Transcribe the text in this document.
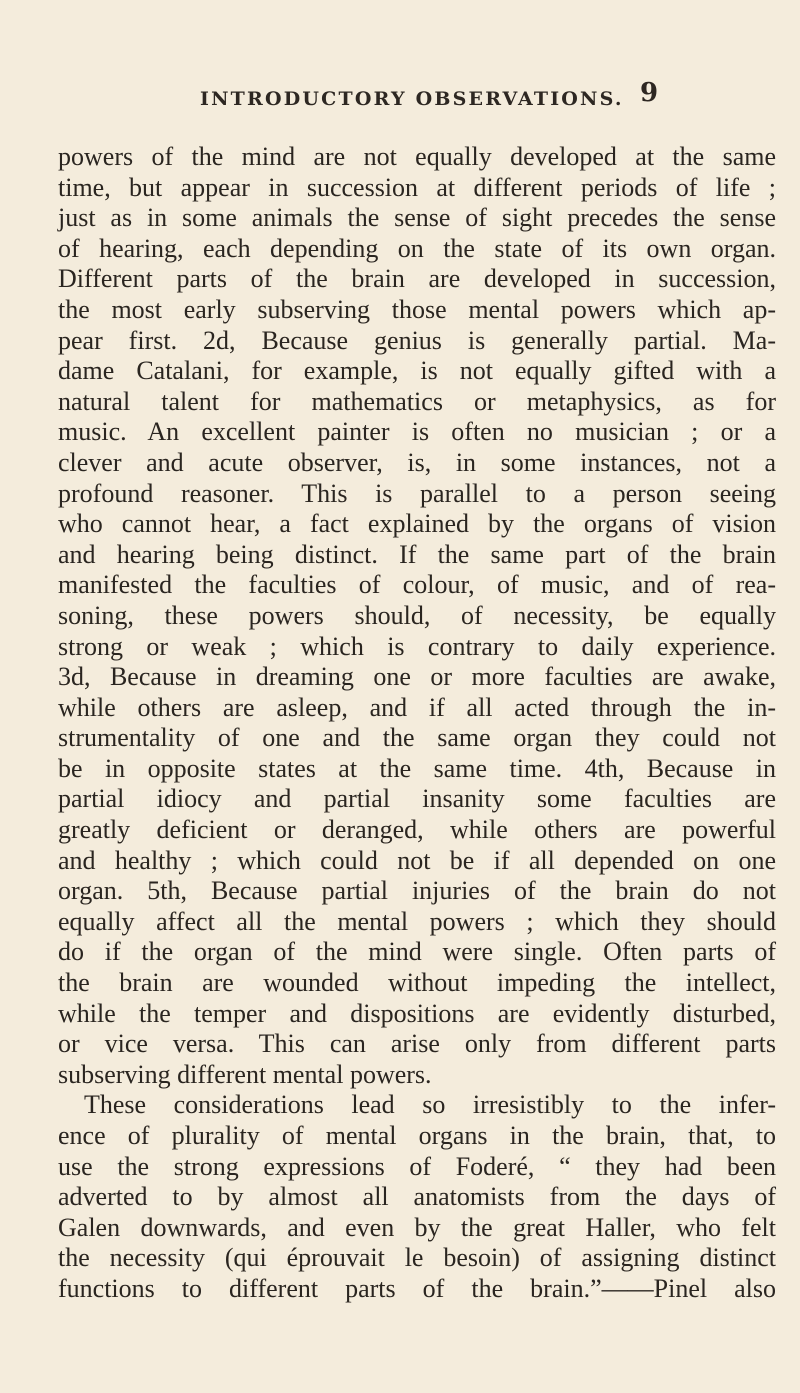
INTRODUCTORY OBSERVATIONS. 9
powers of the mind are not equally developed at the same
time, but appear in succession at different periods of life ;
just as in some animals the sense of sight precedes the sense
of hearing, each depending on the state of its own organ.
Different parts of the brain are developed in succession,
the most early subserving those mental powers which ap-
pear first. 2d, Because genius is generally partial. Ma-
dame Catalani, for example, is not equally gifted with a
natural talent for mathematics or metaphysics, as for
music. An excellent painter is often no musician ; or a
clever and acute observer, is, in some instances, not a
profound reasoner. This is parallel to a person seeing
who cannot hear, a fact explained by the organs of vision
and hearing being distinct. If the same part of the brain
manifested the faculties of colour, of music, and of rea-
soning, these powers should, of necessity, be equally
strong or weak ; which is contrary to daily experience.
3d, Because in dreaming one or more faculties are awake,
while others are asleep, and if all acted through the in-
strumentality of one and the same organ they could not
be in opposite states at the same time. 4th, Because in
partial idiocy and partial insanity some faculties are
greatly deficient or deranged, while others are powerful
and healthy ; which could not be if all depended on one
organ. 5th, Because partial injuries of the brain do not
equally affect all the mental powers ; which they should
do if the organ of the mind were single. Often parts of
the brain are wounded without impeding the intellect,
while the temper and dispositions are evidently disturbed,
or vice versa. This can arise only from different parts
subserving different mental powers.
These considerations lead so irresistibly to the infer-
ence of plurality of mental organs in the brain, that, to
use the strong expressions of Foderé, “ they had been
adverted to by almost all anatomists from the days of
Galen downwards, and even by the great Haller, who felt
the necessity (qui éprouvait le besoin) of assigning distinct
functions to different parts of the brain.”——Pinel also
